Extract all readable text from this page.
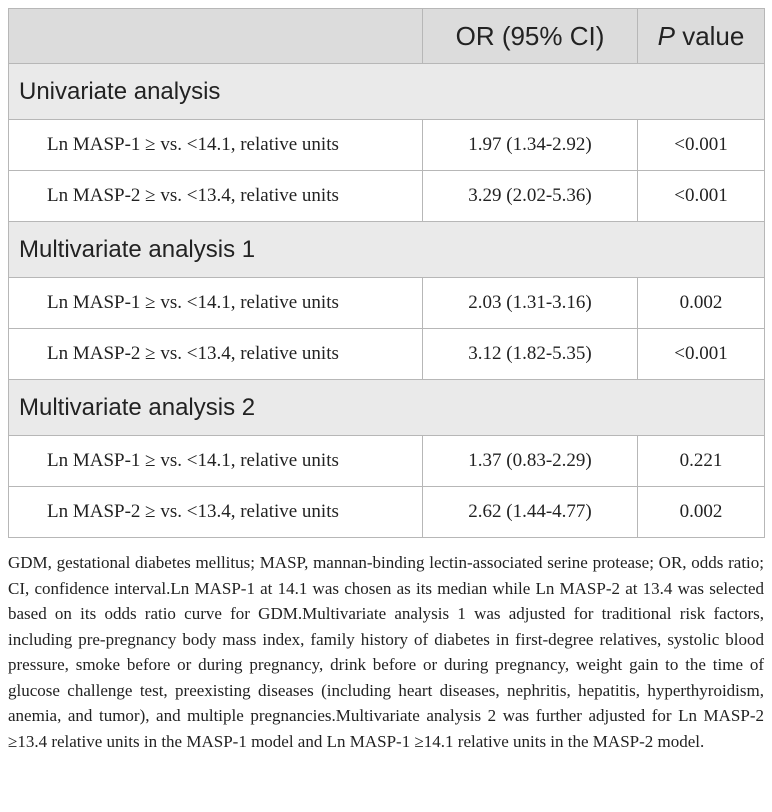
	OR (95% CI)	P value
Univariate analysis		
Ln MASP-1 ≥ vs. <14.1, relative units	1.97 (1.34-2.92)	<0.001
Ln MASP-2 ≥ vs. <13.4, relative units	3.29 (2.02-5.36)	<0.001
Multivariate analysis 1		
Ln MASP-1 ≥ vs. <14.1, relative units	2.03 (1.31-3.16)	0.002
Ln MASP-2 ≥ vs. <13.4, relative units	3.12 (1.82-5.35)	<0.001
Multivariate analysis 2		
Ln MASP-1 ≥ vs. <14.1, relative units	1.37 (0.83-2.29)	0.221
Ln MASP-2 ≥ vs. <13.4, relative units	2.62 (1.44-4.77)	0.002
GDM, gestational diabetes mellitus; MASP, mannan-binding lectin-associated serine protease; OR, odds ratio; CI, confidence interval.Ln MASP-1 at 14.1 was chosen as its median while Ln MASP-2 at 13.4 was selected based on its odds ratio curve for GDM.Multivariate analysis 1 was adjusted for traditional risk factors, including pre-pregnancy body mass index, family history of diabetes in first-degree relatives, systolic blood pressure, smoke before or during pregnancy, drink before or during pregnancy, weight gain to the time of glucose challenge test, preexisting diseases (including heart diseases, nephritis, hepatitis, hyperthyroidism, anemia, and tumor), and multiple pregnancies.Multivariate analysis 2 was further adjusted for Ln MASP-2 ≥13.4 relative units in the MASP-1 model and Ln MASP-1 ≥14.1 relative units in the MASP-2 model.
